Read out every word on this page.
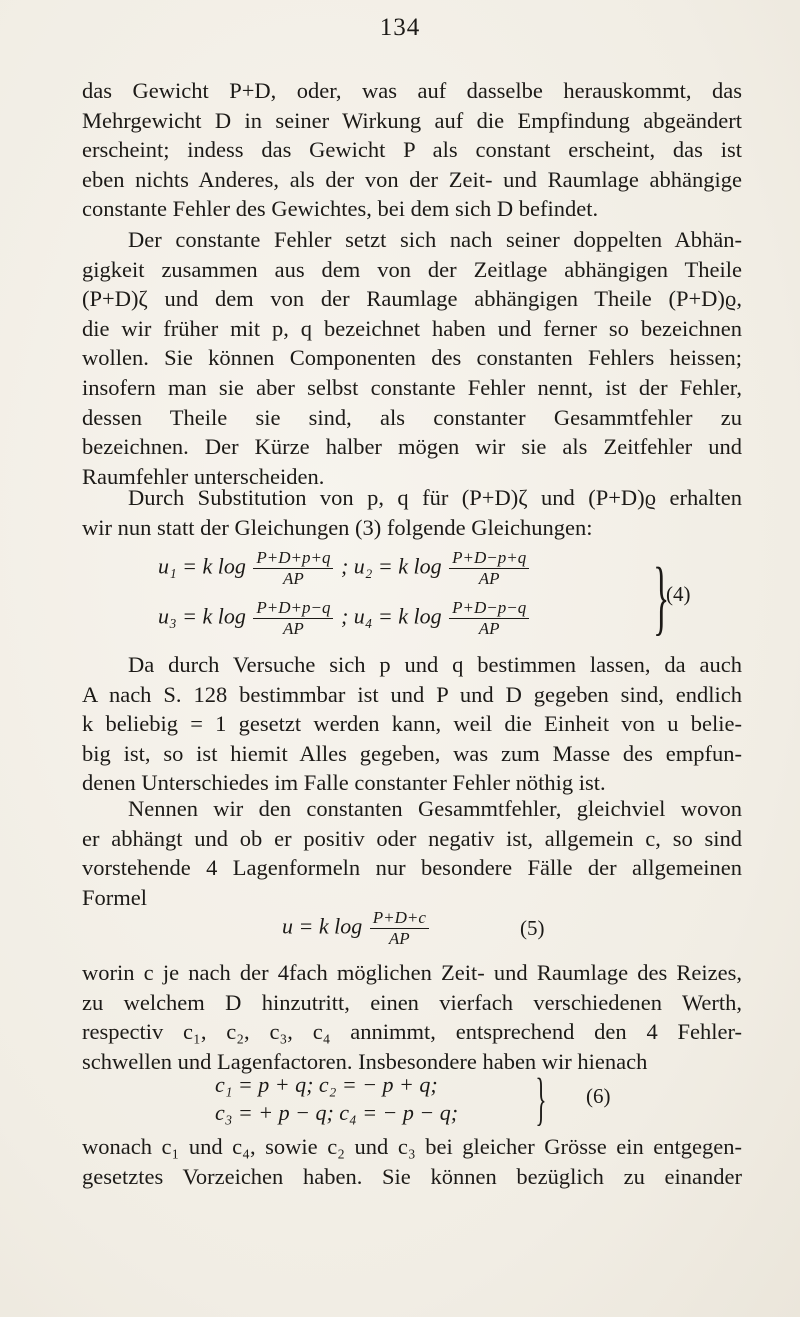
134
das Gewicht P+D, oder, was auf dasselbe herauskommt, das
Mehrgewicht D in seiner Wirkung auf die Empfindung abgeändert
erscheint; indess das Gewicht P als constant erscheint, das ist
eben nichts Anderes, als der von der Zeit- und Raumlage abhängige
constante Fehler des Gewichtes, bei dem sich D befindet.
Der constante Fehler setzt sich nach seiner doppelten Abhän-
gigkeit zusammen aus dem von der Zeitlage abhängigen Theile
(P+D)ζ und dem von der Raumlage abhängigen Theile (P+D)ϱ,
die wir früher mit p, q bezeichnet haben und ferner so bezeichnen
wollen. Sie können Componenten des constanten Fehlers heissen;
insofern man sie aber selbst constante Fehler nennt, ist der Fehler,
dessen Theile sie sind, als constanter Gesammtfehler zu
bezeichnen. Der Kürze halber mögen wir sie als Zeitfehler und
Raumfehler unterscheiden.
Durch Substitution von p, q für (P+D)ζ und (P+D)ϱ erhalten
wir nun statt der Gleichungen (3) folgende Gleichungen:
u₁ = k $\log \frac{P+D+p+q}{AP}$ ; u₂ = k $\log \frac{P+D-p+q}{AP}$
u₃ = k $\log \frac{P+D+p-q}{AP}$ ; u₄ = k $\log \frac{P+D-p-q}{AP}$ }
(4)
Da durch Versuche sich p und q bestimmen lassen, da auch
A nach S. 128 bestimmbar ist und P und D gegeben sind, endlich
k beliebig = 1 gesetzt werden kann, weil die Einheit von u belie-
big ist, so ist hiemit Alles gegeben, was zum Masse des empfun-
denen Unterschiedes im Falle constanter Fehler nöthig ist.
Nennen wir den constanten Gesammtfehler, gleichviel wovon
er abhängt und ob er positiv oder negativ ist, allgemein c, so sind
vorstehende 4 Lagenformeln nur besondere Fälle der allgemeinen
Formel
u = k $\log \frac{P+D+c}{AP}$	(5)
worin c je nach der 4fach möglichen Zeit- und Raumlage des Reizes,
zu welchem D hinzutritt, einen vierfach verschiedenen Werth,
respectiv c₁, c₂, c₃, c₄ annimmt, entsprechend den 4 Fehler-
schwellen und Lagenfactoren. Insbesondere haben wir hienach
c₁ = p + q; c₂ = − p + q;
c₃ = + p − q; c₄ = − p − q; } (6)
wonach c₁ und c₄, sowie c₂ und c₃ bei gleicher Grösse ein entgegen-
gesetztes Vorzeichen haben. Sie können bezüglich zu einander
